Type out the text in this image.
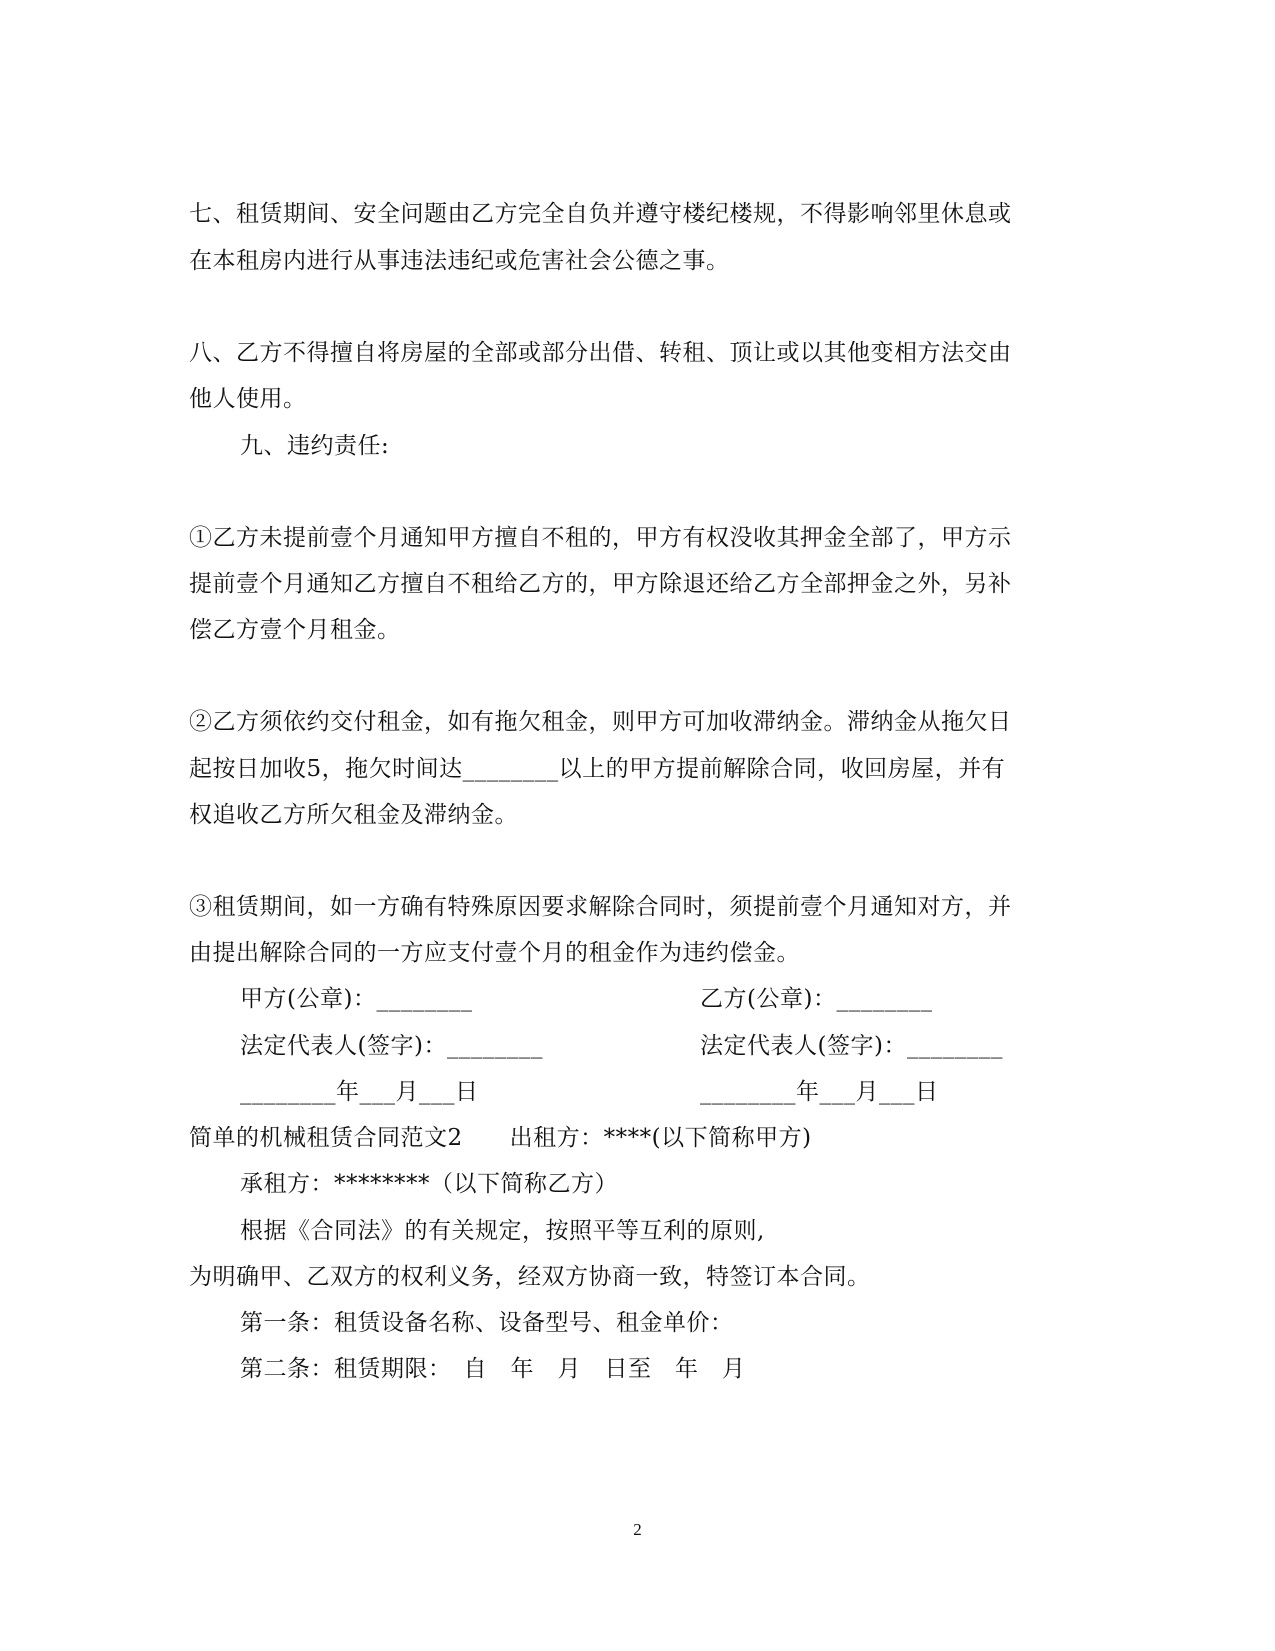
七、租赁期间、安全问题由乙方完全自负并遵守楼纪楼规，不得影响邻里休息或
在本租房内进行从事违法违纪或危害社会公德之事。
八、乙方不得擅自将房屋的全部或部分出借、转租、顶让或以其他变相方法交由
他人使用。
九、违约责任:
①乙方未提前壹个月通知甲方擅自不租的，甲方有权没收其押金全部了，甲方示
提前壹个月通知乙方擅自不租给乙方的，甲方除退还给乙方全部押金之外，另补
偿乙方壹个月租金。
②乙方须依约交付租金，如有拖欠租金，则甲方可加收滞纳金。滞纳金从拖欠日
起按日加收5，拖欠时间达________以上的甲方提前解除合同，收回房屋，并有
权追收乙方所欠租金及滞纳金。
③租赁期间，如一方确有特殊原因要求解除合同时，须提前壹个月通知对方，并
由提出解除合同的一方应支付壹个月的租金作为违约偿金。
甲方(公章)：________	乙方(公章)：________
法定代表人(签字)：________	法定代表人(签字)：________
________年___月___日	________年___月___日
简单的机械租赁合同范文2　　出租方：****(以下简称甲方)
承租方：********（以下简称乙方）
根据《合同法》的有关规定，按照平等互利的原则,
为明确甲、乙双方的权利义务，经双方协商一致，特签订本合同。
第一条：租赁设备名称、设备型号、租金单价：
第二条：租赁期限：　自　年　月　日至　年　月
2
